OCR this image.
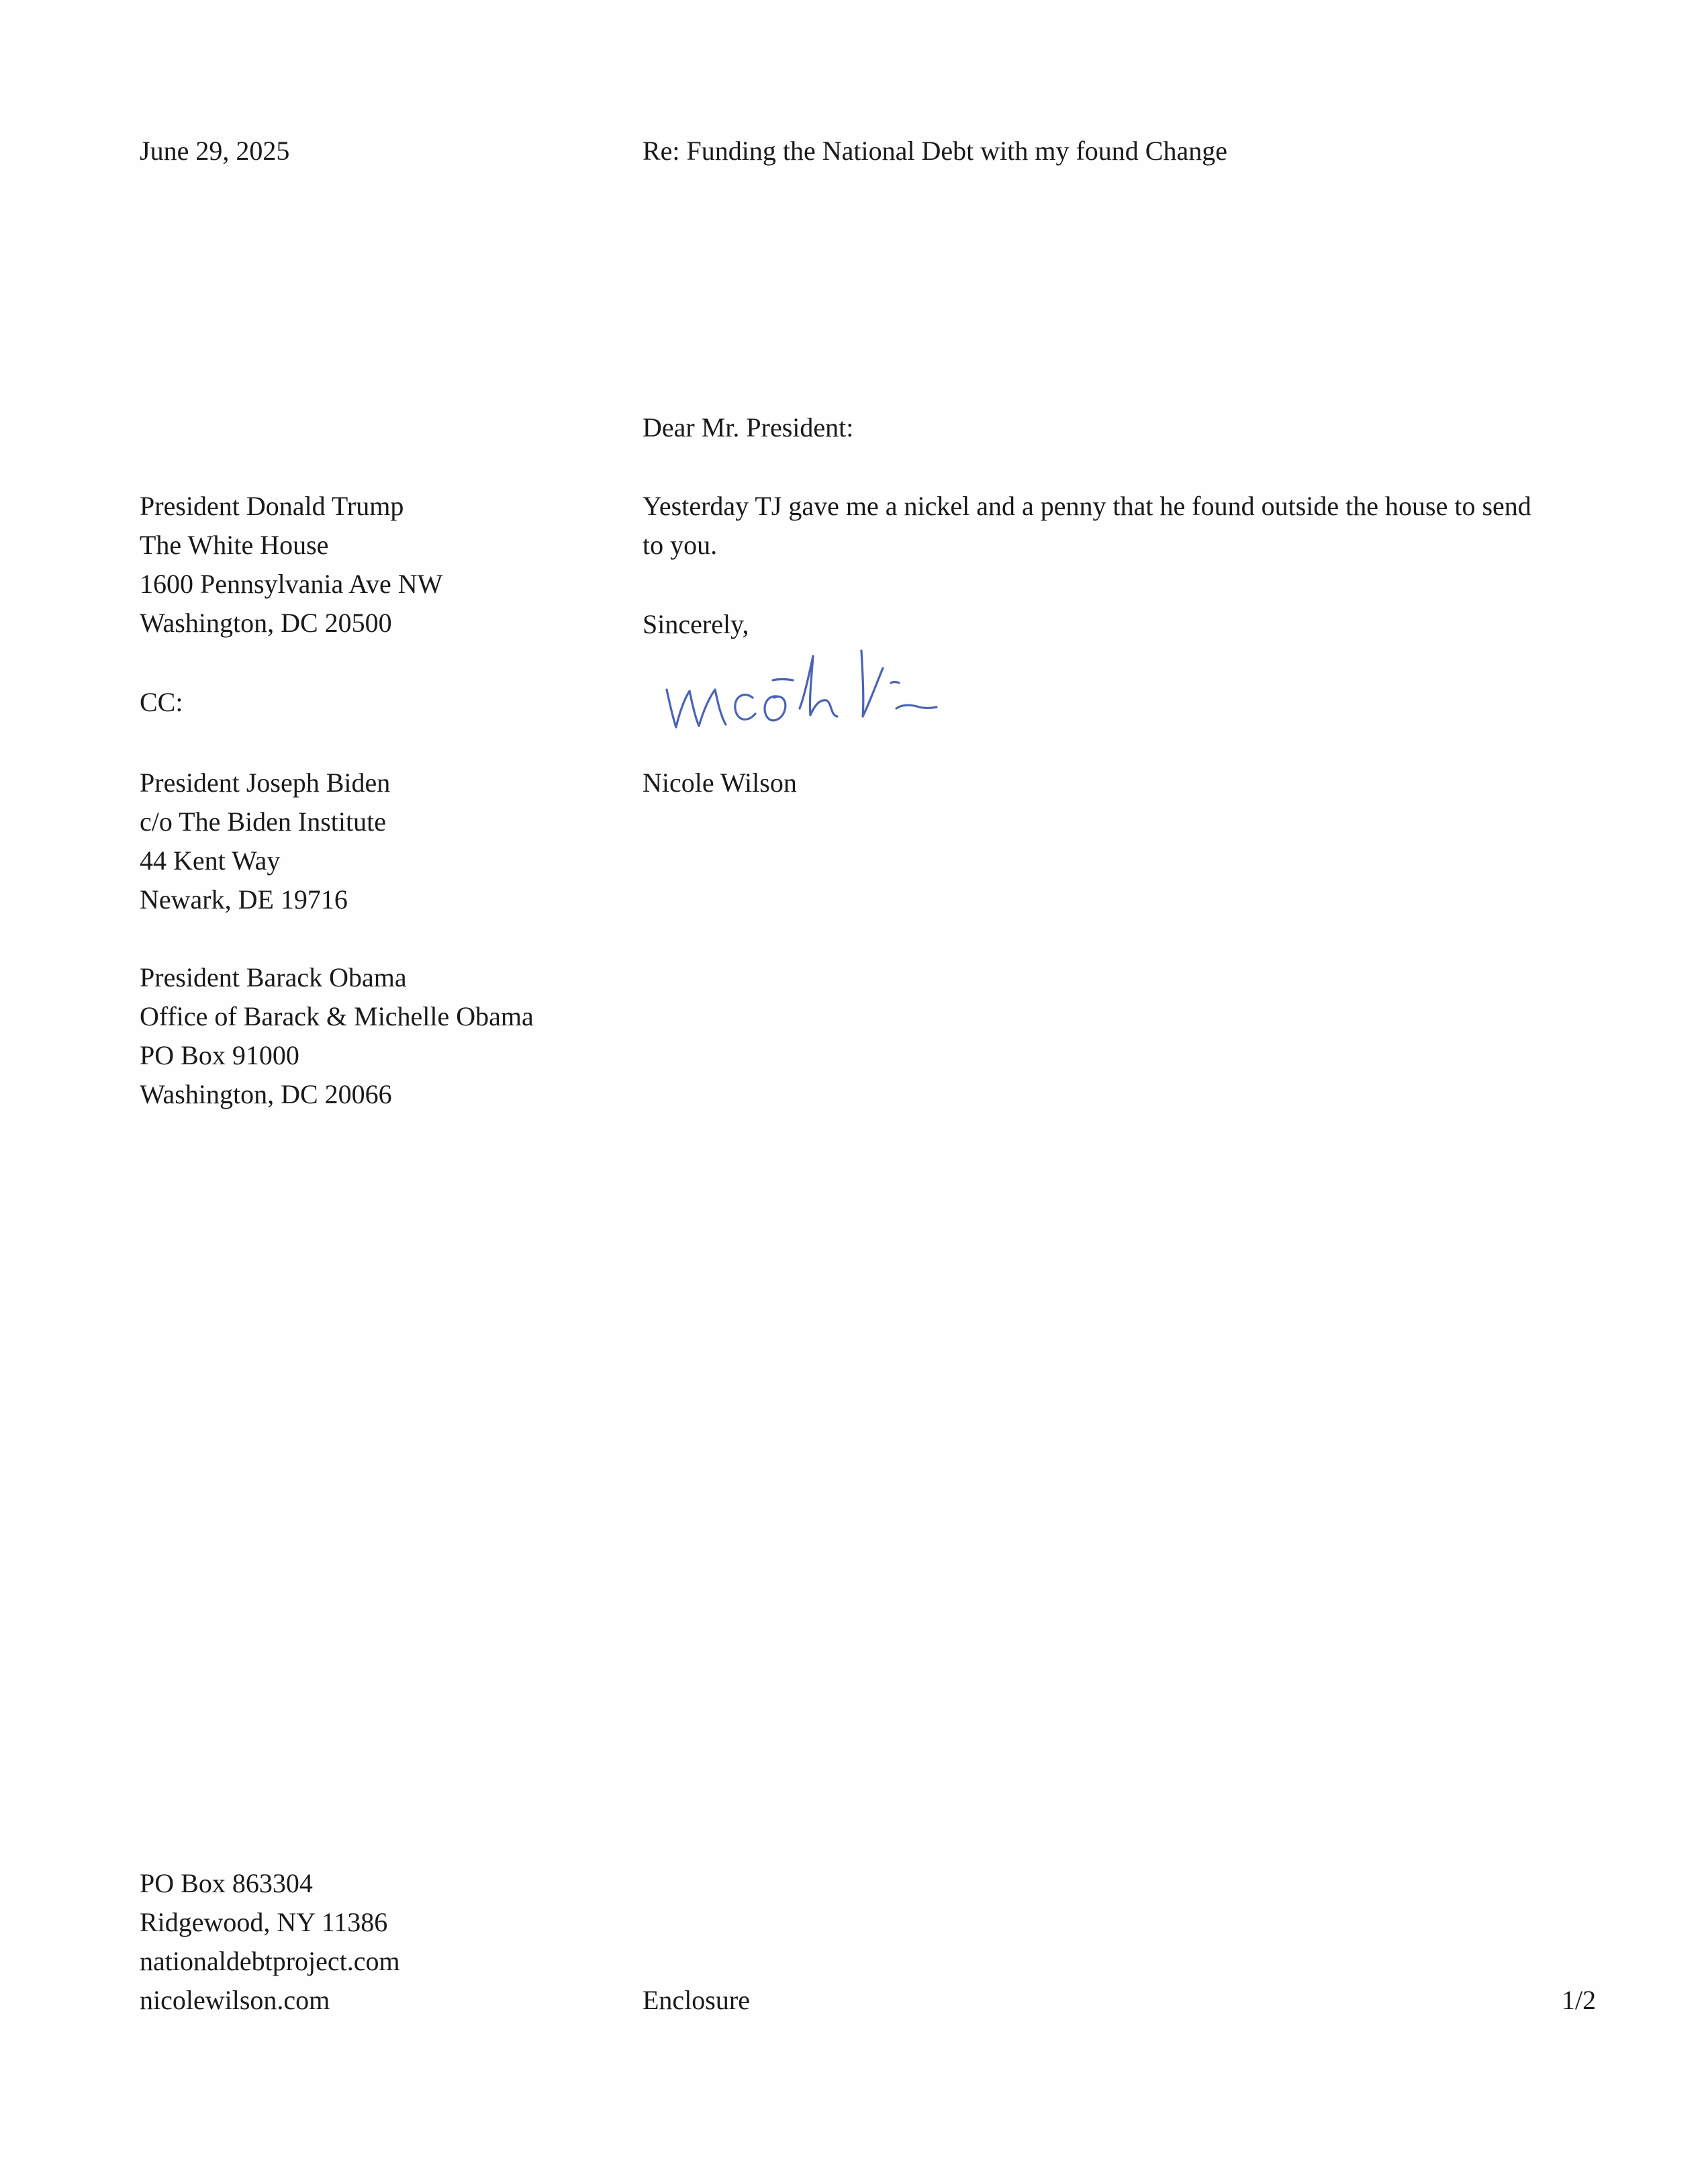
June 29, 2025	Re: Funding the National Debt with my found Change
Dear Mr. President:
President Donald Trump
The White House
1600 Pennsylvania Ave NW
Washington, DC 20500
Yesterday TJ gave me a nickel and a penny that he found outside the house to send
to you.
Sincerely,
Nicole Wilson
CC:
President Joseph Biden
c/o The Biden Institute
44 Kent Way
Newark, DE 19716
President Barack Obama
Office of Barack & Michelle Obama
PO Box 91000
Washington, DC 20066
PO Box 863304
Ridgewood, NY 11386
nationaldebtproject.com
nicolewilson.com	Enclosure	1/2
